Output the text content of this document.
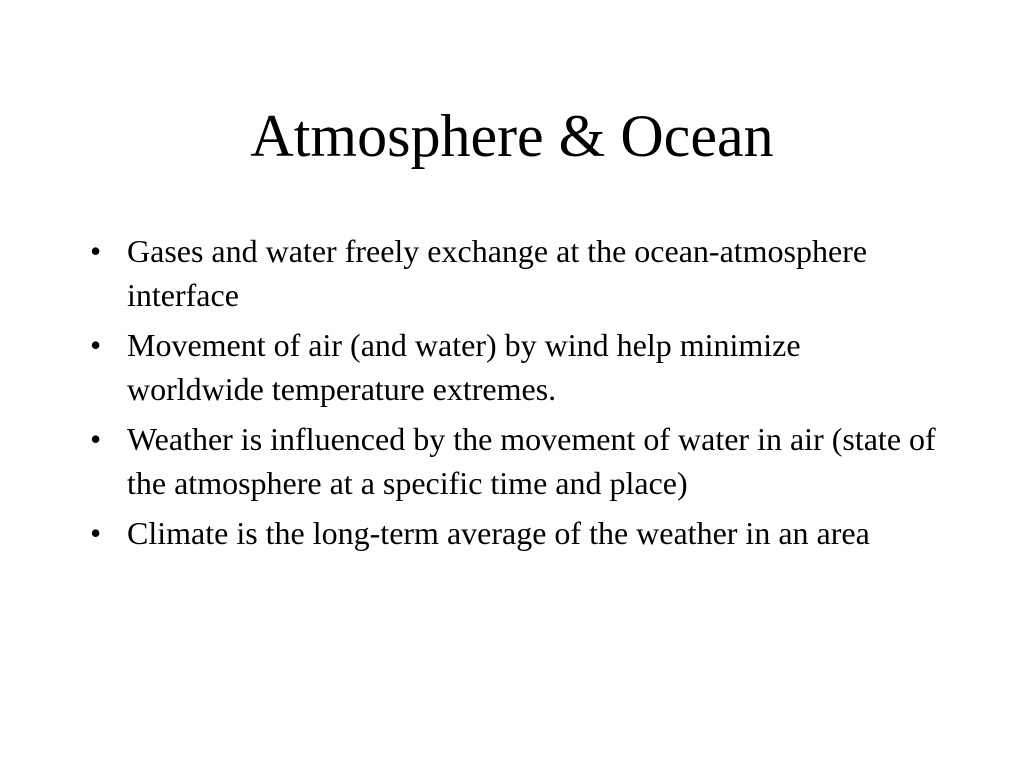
Atmosphere & Ocean
• Gases and water freely exchange at the ocean-atmosphere interface
• Movement of air (and water) by wind help minimize worldwide temperature extremes.
• Weather is influenced by the movement of water in air (state of the atmosphere at a specific time and place)
• Climate is the long-term average of the weather in an area
